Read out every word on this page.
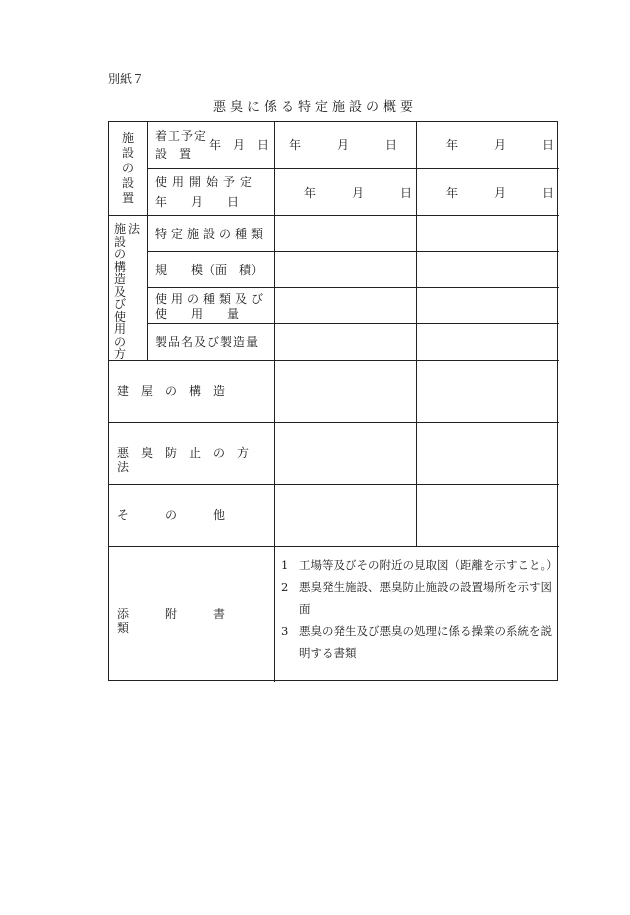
別紙７
悪臭に係る特定施設の概要
施設の設置
着工予定
設　置
年　月　日 年　　　月　　　日	年　　　月　　　日
使用開始予定
年　　月　　日
年　　　月　　　日	年　　　月　　　日
施設の構造及び使用の方
法 特定施設の種類
規　　模（面　積）
使用の種類及び
使　　用　　量
製品名及び製造量
建　屋　の　構　造
悪　臭　防　止　の　方　法
そ　　　の　　　他
添　　　附　　　書　　　類
1 工場等及びその附近の見取図（距離を示すこと。）
2 悪臭発生施設、悪臭防止施設の設置場所を示す図面
3 悪臭の発生及び悪臭の処理に係る操業の系統を説明する書類
